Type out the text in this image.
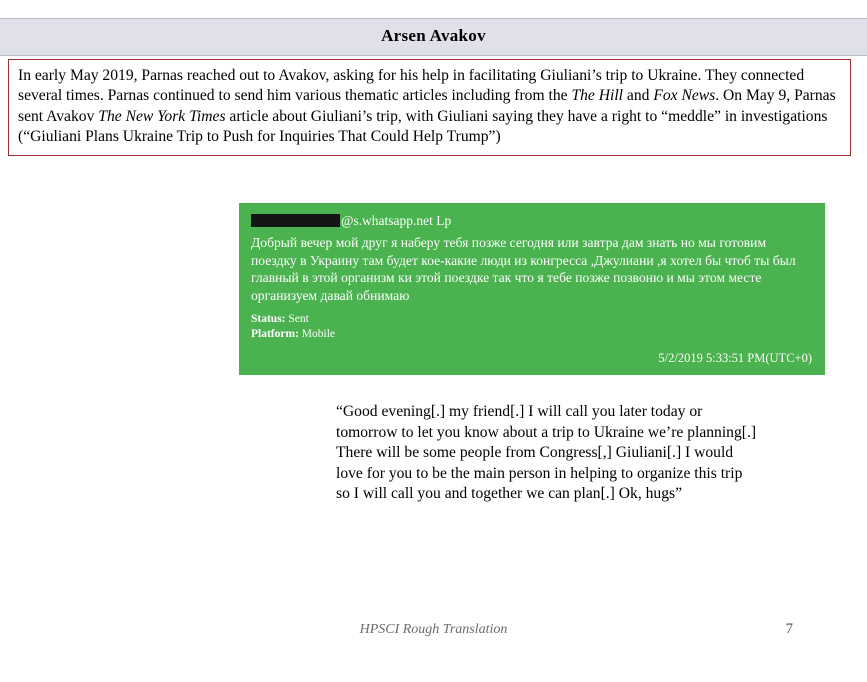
Arsen Avakov
In early May 2019, Parnas reached out to Avakov, asking for his help in facilitating Giuliani’s trip to Ukraine. They connected several times. Parnas continued to send him various thematic articles including from the The Hill and Fox News. On May 9, Parnas sent Avakov The New York Times article about Giuliani’s trip, with Giuliani saying they have a right to “meddle” in investigations (“Giuliani Plans Ukraine Trip to Push for Inquiries That Could Help Trump”)
@s.whatsapp.net Lp
Добрый вечер мой друг я наберу тебя позже сегодня или завтра дам знать но мы готовим поездку в Украину там будет кое-какие люди из конгресса ,Джулиани ,я хотел бы чтоб ты был главный в этой организм ки этой поездке так что я тебе позже позвоню и мы этом месте организуем давай обнимаю
Status: Sent
Platform: Mobile
5/2/2019 5:33:51 PM(UTC+0)
“Good evening[.] my friend[.] I will call you later today or tomorrow to let you know about a trip to Ukraine we’re planning[.] There will be some people from Congress[,] Giuliani[.] I would love for you to be the main person in helping to organize this trip so I will call you and together we can plan[.] Ok, hugs”
HPSCI Rough Translation	7
